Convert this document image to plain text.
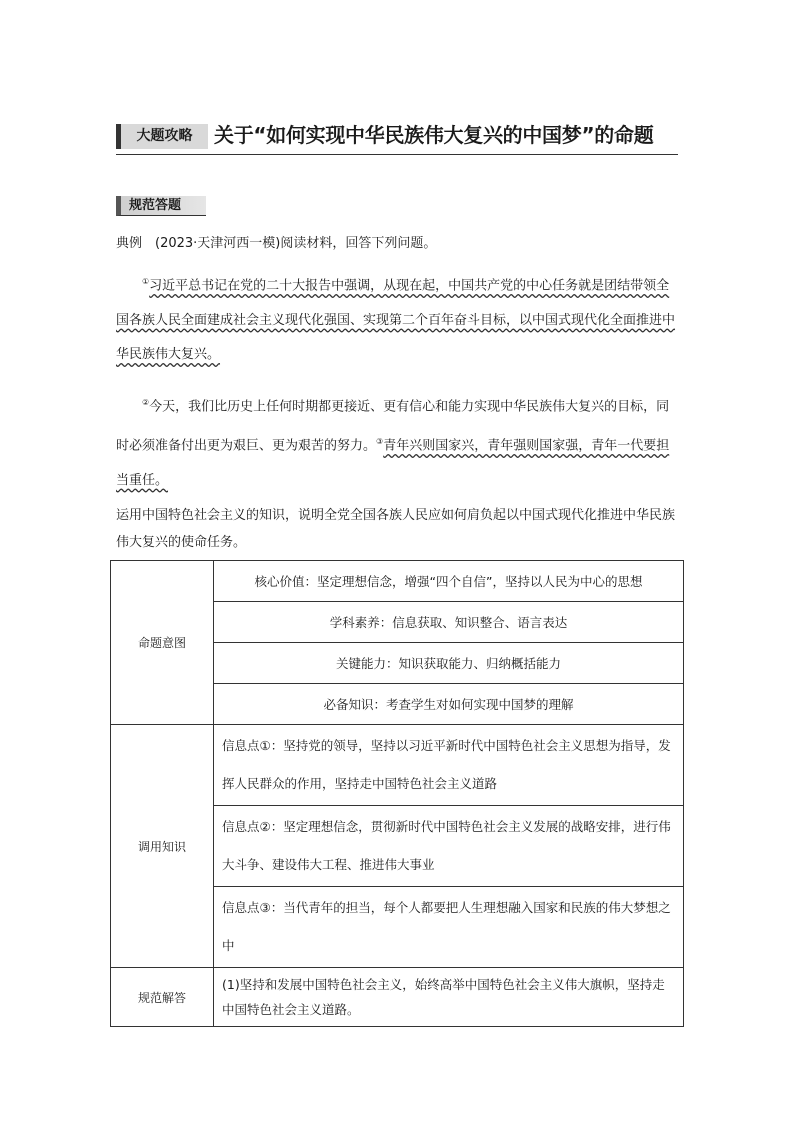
大题攻略	关于“如何实现中华民族伟大复兴的中国梦”的命题
规范答题
典例　(2023·天津河西一模)阅读材料，回答下列问题。
①习近平总书记在党的二十大报告中强调，从现在起，中国共产党的中心任务就是团结带领全国各族人民全面建成社会主义现代化强国、实现第二个百年奋斗目标，以中国式现代化全面推进中华民族伟大复兴。
②今天，我们比历史上任何时期都更接近、更有信心和能力实现中华民族伟大复兴的目标，同时必须准备付出更为艰巨、更为艰苦的努力。③青年兴则国家兴，青年强则国家强，青年一代要担当重任。
运用中国特色社会主义的知识，说明全党全国各族人民应如何肩负起以中国式现代化推进中华民族伟大复兴的使命任务。
命题意图	核心价值：坚定理想信念，增强“四个自信”，坚持以人民为中心的思想
	学科素养：信息获取、知识整合、语言表达
	关键能力：知识获取能力、归纳概括能力
	必备知识：考查学生对如何实现中国梦的理解
调用知识	信息点①：坚持党的领导，坚持以习近平新时代中国特色社会主义思想为指导，发挥人民群众的作用，坚持走中国特色社会主义道路
	信息点②：坚定理想信念，贯彻新时代中国特色社会主义发展的战略安排，进行伟大斗争、建设伟大工程、推进伟大事业
	信息点③：当代青年的担当，每个人都要把人生理想融入国家和民族的伟大梦想之中
规范解答	(1)坚持和发展中国特色社会主义，始终高举中国特色社会主义伟大旗帜，坚持走中国特色社会主义道路。
